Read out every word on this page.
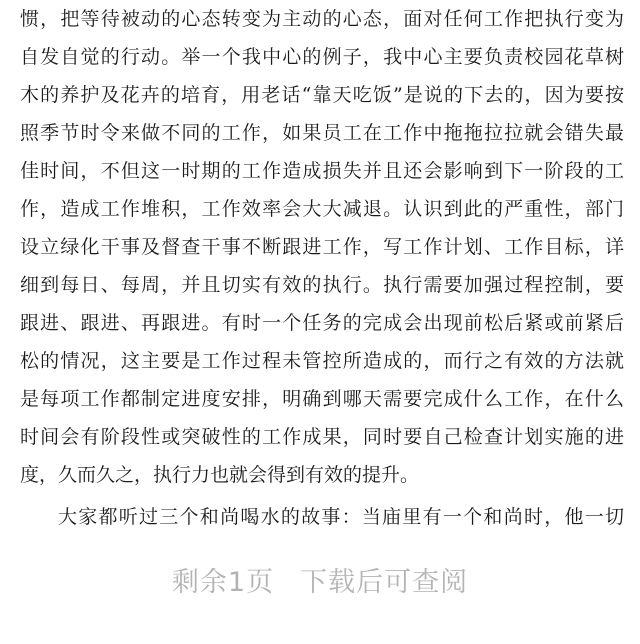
惯，把等待被动的心态转变为主动的心态，面对任何工作把执行变为
自发自觉的行动。举一个我中心的例子，我中心主要负责校园花草树
木的养护及花卉的培育，用老话“靠天吃饭”是说的下去的，因为要按
照季节时令来做不同的工作，如果员工在工作中拖拖拉拉就会错失最
佳时间，不但这一时期的工作造成损失并且还会影响到下一阶段的工
作，造成工作堆积，工作效率会大大减退。认识到此的严重性，部门
设立绿化干事及督查干事不断跟进工作，写工作计划、工作目标，详
细到每日、每周，并且切实有效的执行。执行需要加强过程控制，要
跟进、跟进、再跟进。有时一个任务的完成会出现前松后紧或前紧后
松的情况，这主要是工作过程未管控所造成的，而行之有效的方法就
是每项工作都制定进度安排，明确到哪天需要完成什么工作，在什么
时间会有阶段性或突破性的工作成果，同时要自己检查计划实施的进
度，久而久之，执行力也就会得到有效的提升。
大家都听过三个和尚喝水的故事：当庙里有一个和尚时，他一切
剩余1页 下载后可查阅
